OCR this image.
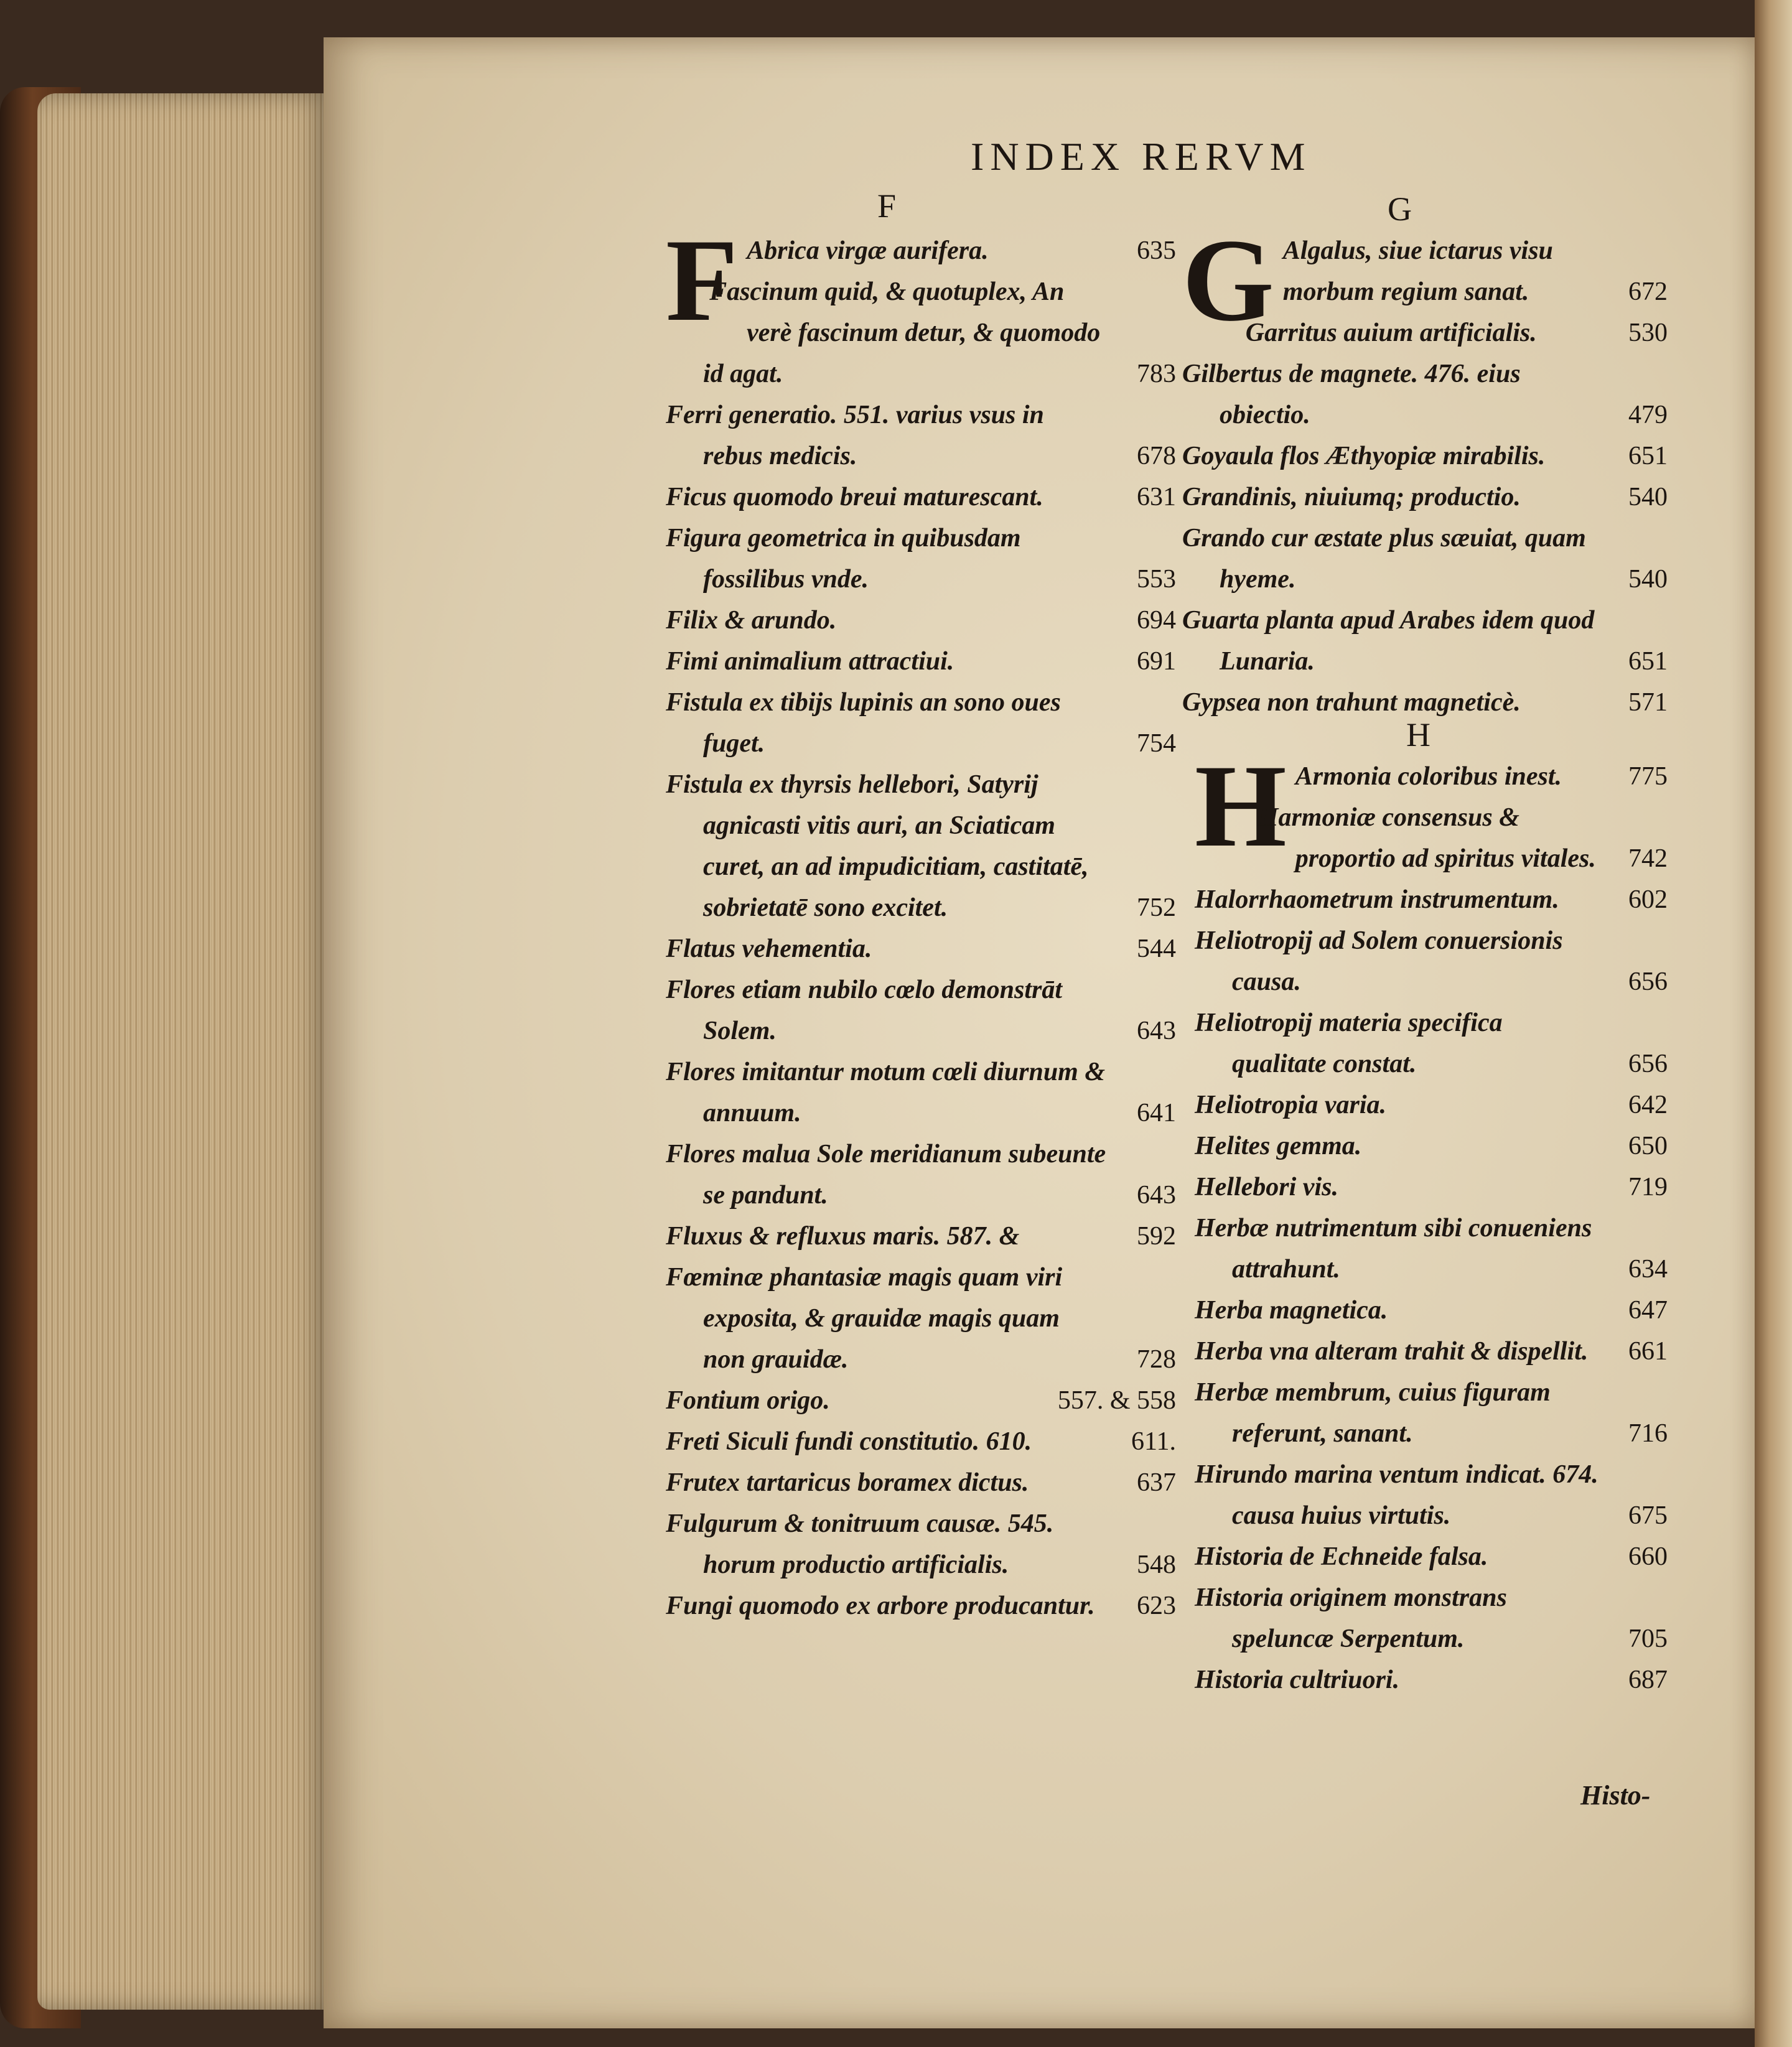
INDEX RERVM
F	G
F Abrica virgæ aurifera.	635
Fascinum quid, & quotuplex, An verè fascinum detur, & quomodo id agat.	783
Ferri generatio. 551. varius vsus in rebus medicis.	678
Ficus quomodo breui maturescant.	631
Figura geometrica in quibusdam fossilibus vnde.	553
Filix & arundo.	694
Fimi animalium attractiui.	691
Fistula ex tibijs lupinis an sono oues fuget.	754
Fistula ex thyrsis hellebori, Satyrij agnicasti vitis auri, an Sciaticam curet, an ad impudicitiam, castitatē, sobrietatē sono excitet.	752
Flatus vehementia.	544
Flores etiam nubilo cœlo demonstrāt Solem.	643
Flores imitantur motum cœli diurnum & annuum.	641
Flores malua Sole meridianum subeunte se pandunt.	643
Fluxus & refluxus maris. 587. &	592
Fœminæ phantasiæ magis quam viri exposita, & grauidæ magis quam non grauidæ.	728
Fontium origo.	557. & 558
Freti Siculi fundi constitutio. 610.	611.
Frutex tartaricus boramex dictus.	637
Fulgurum & tonitruum causæ. 545. horum productio artificialis.	548
Fungi quomodo ex arbore producantur.	623
G Algalus, siue ictarus visu morbum regium sanat.	672
Garritus auium artificialis.	530
Gilbertus de magnete. 476. eius obiectio.	479
Goyaula flos Æthyopiæ mirabilis.	651
Grandinis, niuiumq; productio.	540
Grando cur æstate plus sæuiat, quam hyeme.	540
Guarta planta apud Arabes idem quod Lunaria.	651
Gypsea non trahunt magneticè.	571
H
H Armonia coloribus inest.	775
Harmoniæ consensus & proportio ad spiritus vitales.	742
Halorrhaometrum instrumentum.	602
Heliotropij ad Solem conuersionis causa.	656
Heliotropij materia specifica qualitate constat.	656
Heliotropia varia.	642
Helites gemma.	650
Hellebori vis.	719
Herbæ nutrimentum sibi conueniens attrahunt.	634
Herba magnetica.	647
Herba vna alteram trahit & dispellit.	661
Herbæ membrum, cuius figuram referunt, sanant.	716
Hirundo marina ventum indicat. 674. causa huius virtutis.	675
Historia de Echneide falsa.	660
Historia originem monstrans speluncæ Serpentum.	705
Historia cultriuori.	687
Histo-
